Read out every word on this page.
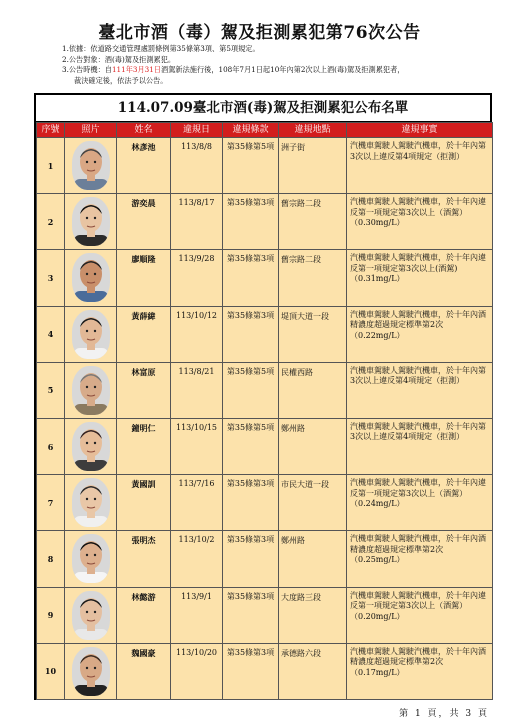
臺北市酒（毒）駕及拒測累犯第76次公告
1.依據：依道路交通管理處罰條例第35條第3項、第5項規定。
2.公告對象：酒(毒)駕及拒測累犯。
3.公告時機：自111年3月31日酒駕新法施行後，108年7月1日起10年內第2次以上酒(毒)駕及拒測累犯者，
裁決確定後，依法予以公告。
114.07.09臺北市酒(毒)駕及拒測累犯公布名單
序號	照片	姓名	違規日	違規條款	違規地點	違規事實
1		林彥池	113/8/8	第35條第5項	洲子街	汽機車駕駛人駕駛汽機車，於十年內第3次以上違反第4項規定（拒測）
2		游奕晨	113/8/17	第35條第3項	舊宗路二段	汽機車駕駛人駕駛汽機車，於十年內違反第一項規定第3次以上（酒駕）（0.30mg/L）
3		廖順隆	113/9/28	第35條第3項	舊宗路二段	汽機車駕駛人駕駛汽機車，於十年內違反第一項規定第3次以上(酒駕)（0.31mg/L）
4		黃薛緯	113/10/12	第35條第3項	堤頂大道一段	汽機車駕駛人駕駛汽機車，於十年內酒精濃度超過規定標準第2次（0.22mg/L）
5		林富原	113/8/21	第35條第5項	民權西路	汽機車駕駛人駕駛汽機車，於十年內第3次以上違反第4項規定（拒測）
6		鐘明仁	113/10/15	第35條第5項	鄭州路	汽機車駕駛人駕駛汽機車，於十年內第3次以上違反第4項規定（拒測）
7		黃國訓	113/7/16	第35條第3項	市民大道一段	汽機車駕駛人駕駛汽機車，於十年內違反第一項規定第3次以上（酒駕）（0.24mg/L）
8		張明杰	113/10/2	第35條第3項	鄭州路	汽機車駕駛人駕駛汽機車，於十年內酒精濃度超過規定標準第2次（0.25mg/L）
9		林懿游	113/9/1	第35條第3項	大度路三段	汽機車駕駛人駕駛汽機車，於十年內違反第一項規定第3次以上（酒駕）（0.20mg/L）
10		魏國豪	113/10/20	第35條第3項	承德路六段	汽機車駕駛人駕駛汽機車，於十年內酒精濃度超過規定標準第2次（0.17mg/L）
第 1 頁，共 3 頁
